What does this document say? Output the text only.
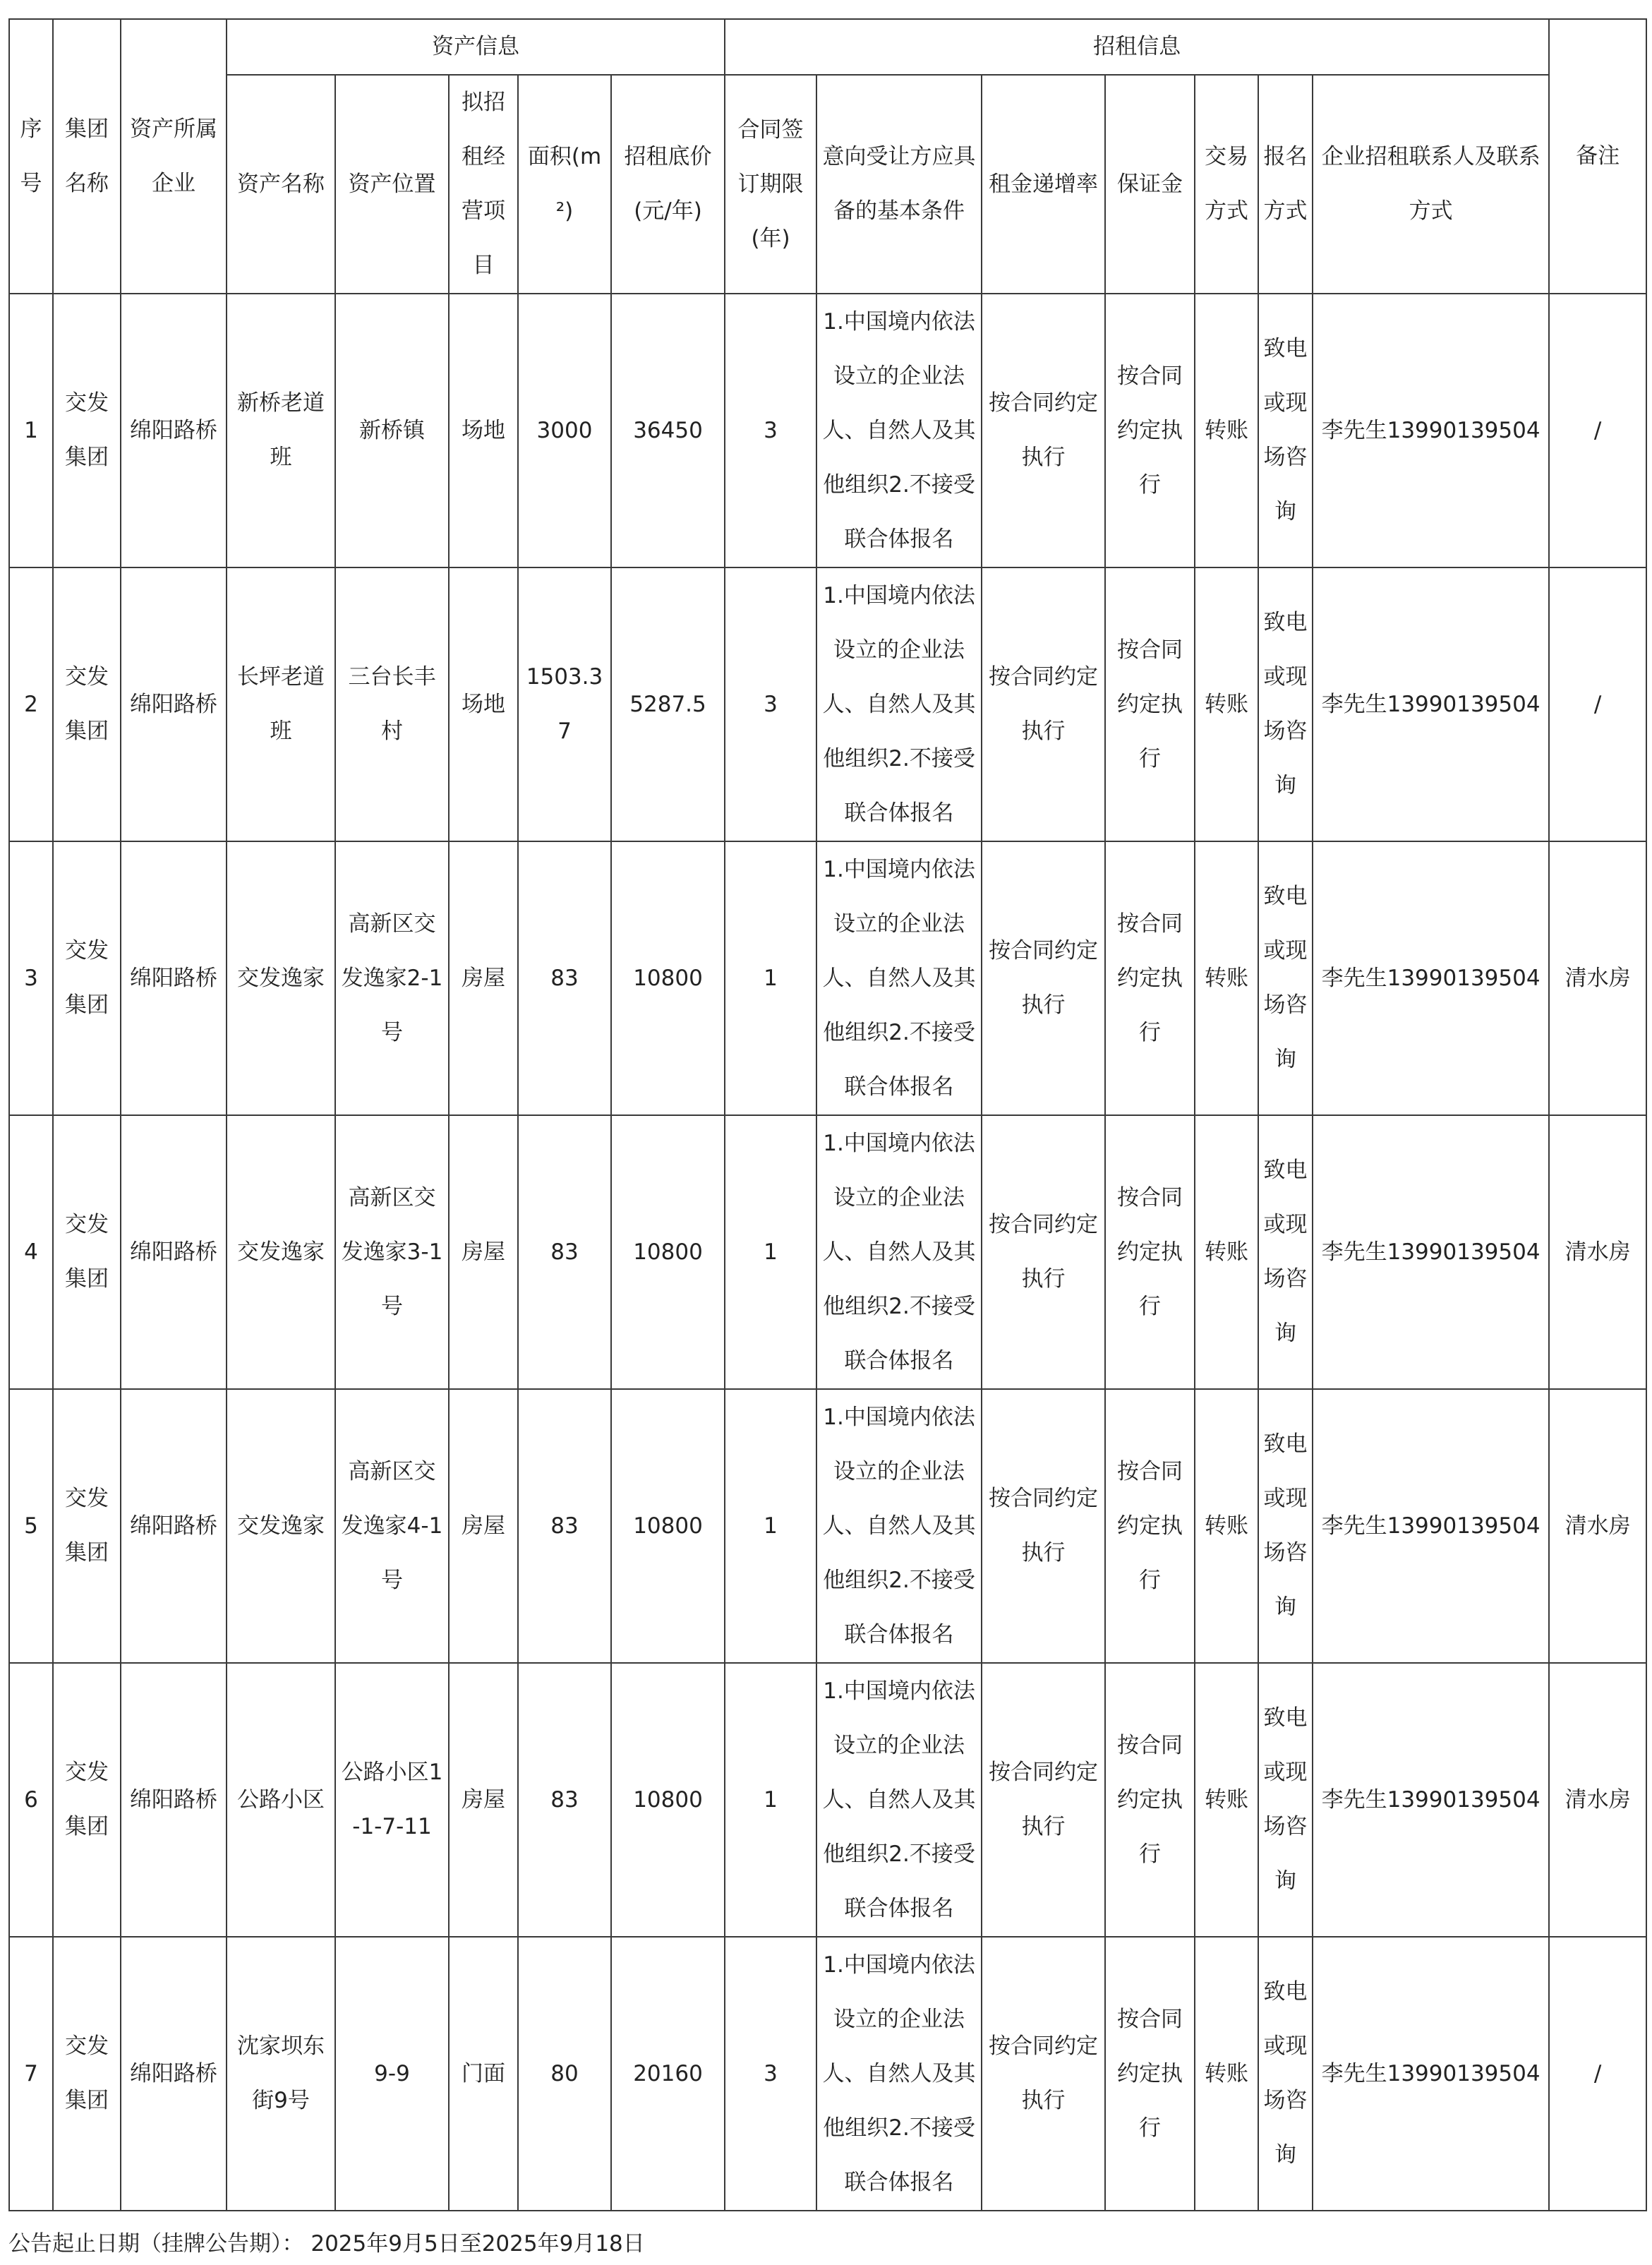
序号	集团名称	资产所属企业	资产信息					招租信息							备注
			资产名称	资产位置	拟招租经营项目	面积(m²)	招租底价(元/年)	合同签订期限(年)	意向受让方应具备的基本条件	租金递增率	保证金	交易方式	报名方式	企业招租联系人及联系方式	
1	交发集团	绵阳路桥	新桥老道班	新桥镇	场地	3000	36450	3	1.中国境内依法设立的企业法人、自然人及其他组织2.不接受联合体报名	按合同约定执行	按合同约定执行	转账	致电或现场咨询	李先生13990139504	/
2	交发集团	绵阳路桥	长坪老道班	三台长丰村	场地	1503.37	5287.5	3	1.中国境内依法设立的企业法人、自然人及其他组织2.不接受联合体报名	按合同约定执行	按合同约定执行	转账	致电或现场咨询	李先生13990139504	/
3	交发集团	绵阳路桥	交发逸家	高新区交发逸家2-1号	房屋	83	10800	1	1.中国境内依法设立的企业法人、自然人及其他组织2.不接受联合体报名	按合同约定执行	按合同约定执行	转账	致电或现场咨询	李先生13990139504	清水房
4	交发集团	绵阳路桥	交发逸家	高新区交发逸家3-1号	房屋	83	10800	1	1.中国境内依法设立的企业法人、自然人及其他组织2.不接受联合体报名	按合同约定执行	按合同约定执行	转账	致电或现场咨询	李先生13990139504	清水房
5	交发集团	绵阳路桥	交发逸家	高新区交发逸家4-1号	房屋	83	10800	1	1.中国境内依法设立的企业法人、自然人及其他组织2.不接受联合体报名	按合同约定执行	按合同约定执行	转账	致电或现场咨询	李先生13990139504	清水房
6	交发集团	绵阳路桥	公路小区	公路小区1-1-7-11	房屋	83	10800	1	1.中国境内依法设立的企业法人、自然人及其他组织2.不接受联合体报名	按合同约定执行	按合同约定执行	转账	致电或现场咨询	李先生13990139504	清水房
7	交发集团	绵阳路桥	沈家坝东街9号	9-9	门面	80	20160	3	1.中国境内依法设立的企业法人、自然人及其他组织2.不接受联合体报名	按合同约定执行	按合同约定执行	转账	致电或现场咨询	李先生13990139504	/
公告起止日期（挂牌公告期）： 2025年9月5日至2025年9月18日
